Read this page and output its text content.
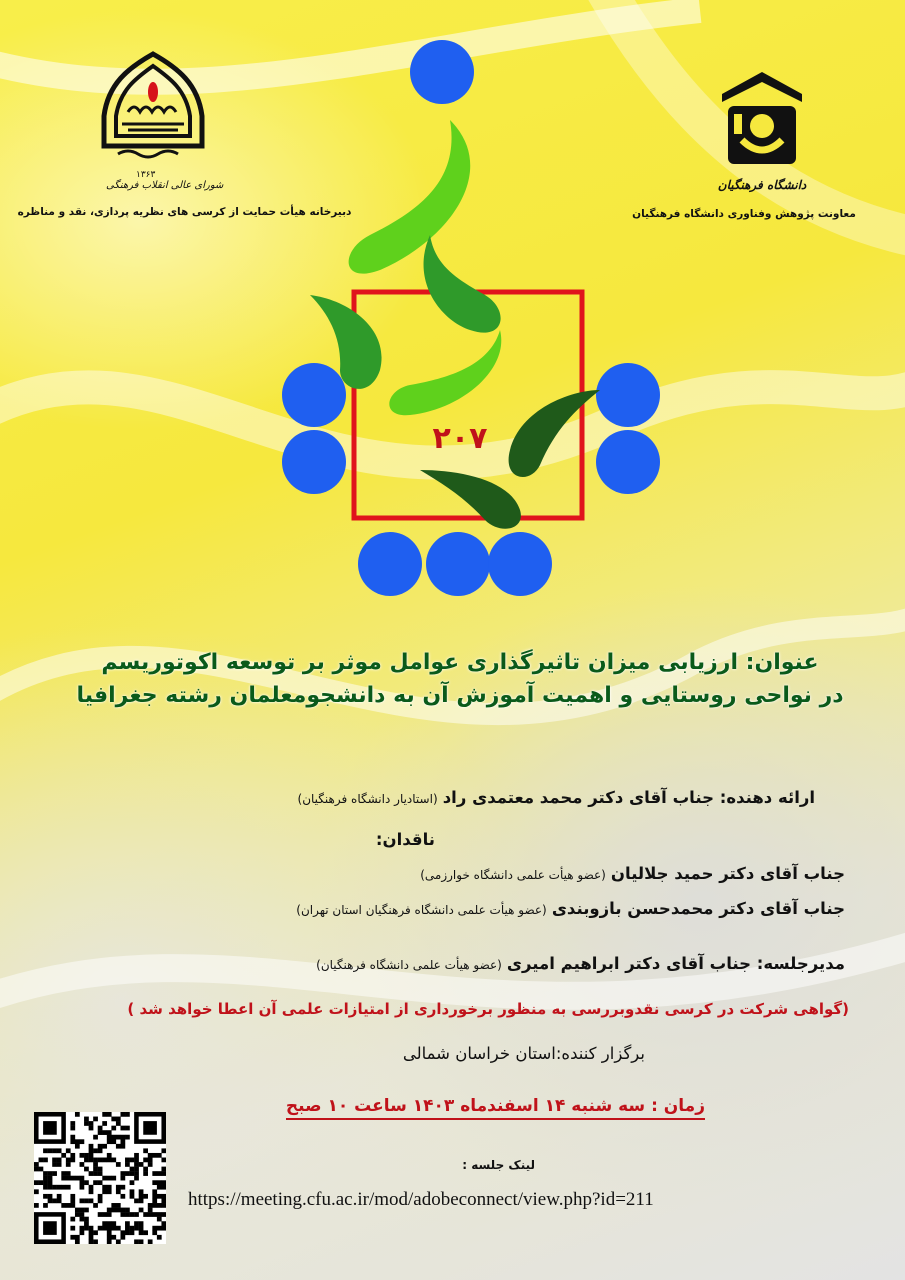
۱۳۶۳
شورای عالی انقلاب فرهنگی
دبیرخانه هیأت حمایت از کرسی های نظریه پردازی، نقد و مناظره
دانشگاه فرهنگیان
معاونت پژوهش وفناوری دانشگاه فرهنگیان
۲۰۷
عنوان: ارزیابی میزان تاثیرگذاری عوامل موثر بر توسعه اکوتوریسم
در نواحی روستایی و اهمیت آموزش آن به دانشجومعلمان رشته جغرافیا
ارائه دهنده: جناب آقای دکتر محمد معتمدی راد (استادیار دانشگاه فرهنگیان)
ناقدان:
جناب آقای دکتر حمید جلالیان (عضو هیأت علمی دانشگاه خوارزمی)
جناب آقای دکتر محمدحسن بازوبندی (عضو هیأت علمی دانشگاه فرهنگیان استان تهران)
مدیرجلسه: جناب آقای دکتر ابراهیم امیری (عضو هیأت علمی دانشگاه فرهنگیان)
(گواهی شرکت در کرسی نقدوبررسی به منظور برخورداری از امتیازات علمی آن اعطا خواهد شد )
برگزار کننده:استان خراسان شمالی
زمان : سه شنبه ۱۴ اسفندماه ۱۴۰۳ ساعت ۱۰ صبح
لینک جلسه :
https://meeting.cfu.ac.ir/mod/adobeconnect/view.php?id=211
